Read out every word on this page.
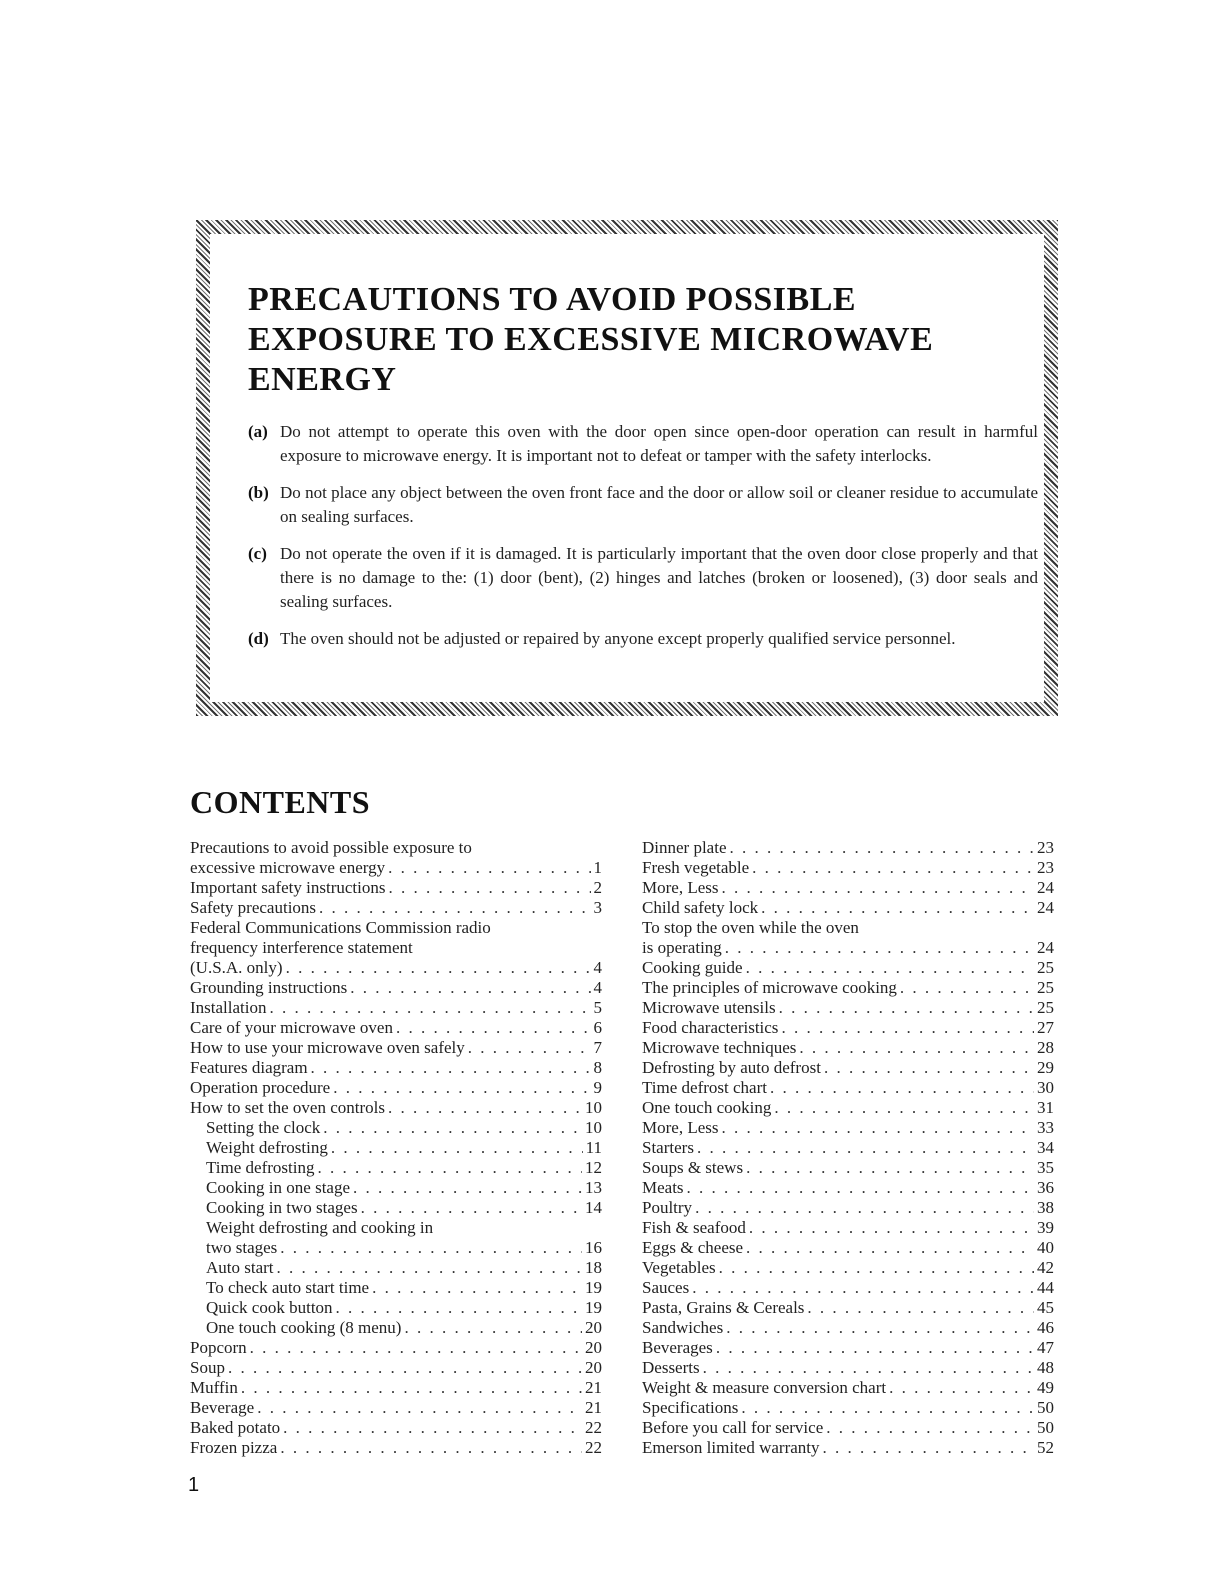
PRECAUTIONS TO AVOID POSSIBLE
EXPOSURE TO EXCESSIVE MICROWAVE
ENERGY
(a) Do not attempt to operate this oven with the door open since open-door operation can result in harmful exposure to microwave energy. It is important not to defeat or tamper with the safety interlocks.
(b) Do not place any object between the oven front face and the door or allow soil or cleaner residue to accumulate on sealing surfaces.
(c) Do not operate the oven if it is damaged. It is particularly important that the oven door close properly and that there is no damage to the: (1) door (bent), (2) hinges and latches (broken or loosened), (3) door seals and sealing surfaces.
(d) The oven should not be adjusted or repaired by anyone except properly qualified service personnel.
CONTENTS
Precautions to avoid possible exposure to
excessive microwave energy . . .	1
Important safety instructions . . .	2
Safety precautions . . .	3
Federal Communications Commission radio
frequency interference statement
(U.S.A. only) . . .	4
Grounding instructions . . .	4
Installation . . .	5
Care of your microwave oven . . .	6
How to use your microwave oven safely . . .	7
Features diagram . . .	8
Operation procedure . . .	9
How to set the oven controls . . .	10
Setting the clock . . .	10
Weight defrosting . . .	11
Time defrosting . . .	12
Cooking in one stage . . .	13
Cooking in two stages . . .	14
Weight defrosting and cooking in
two stages . . .	16
Auto start . . .	18
To check auto start time . . .	19
Quick cook button . . .	19
One touch cooking (8 menu) . . .	20
Popcorn . . .	20
Soup . . .	20
Muffin . . .	21
Beverage . . .	21
Baked potato . . .	22
Frozen pizza . . .	22
Dinner plate . . .	23
Fresh vegetable . . .	23
More, Less . . .	24
Child safety lock . . .	24
To stop the oven while the oven
is operating . . .	24
Cooking guide . . .	25
The principles of microwave cooking . . .	25
Microwave utensils . . .	25
Food characteristics . . .	27
Microwave techniques . . .	28
Defrosting by auto defrost . . .	29
Time defrost chart . . .	30
One touch cooking . . .	31
More, Less . . .	33
Starters . . .	34
Soups & stews . . .	35
Meats . . .	36
Poultry . . .	38
Fish & seafood . . .	39
Eggs & cheese . . .	40
Vegetables . . .	42
Sauces . . .	44
Pasta, Grains & Cereals . . .	45
Sandwiches . . .	46
Beverages . . .	47
Desserts . . .	48
Weight & measure conversion chart . . .	49
Specifications . . .	50
Before you call for service . . .	50
Emerson limited warranty . . .	52
1
